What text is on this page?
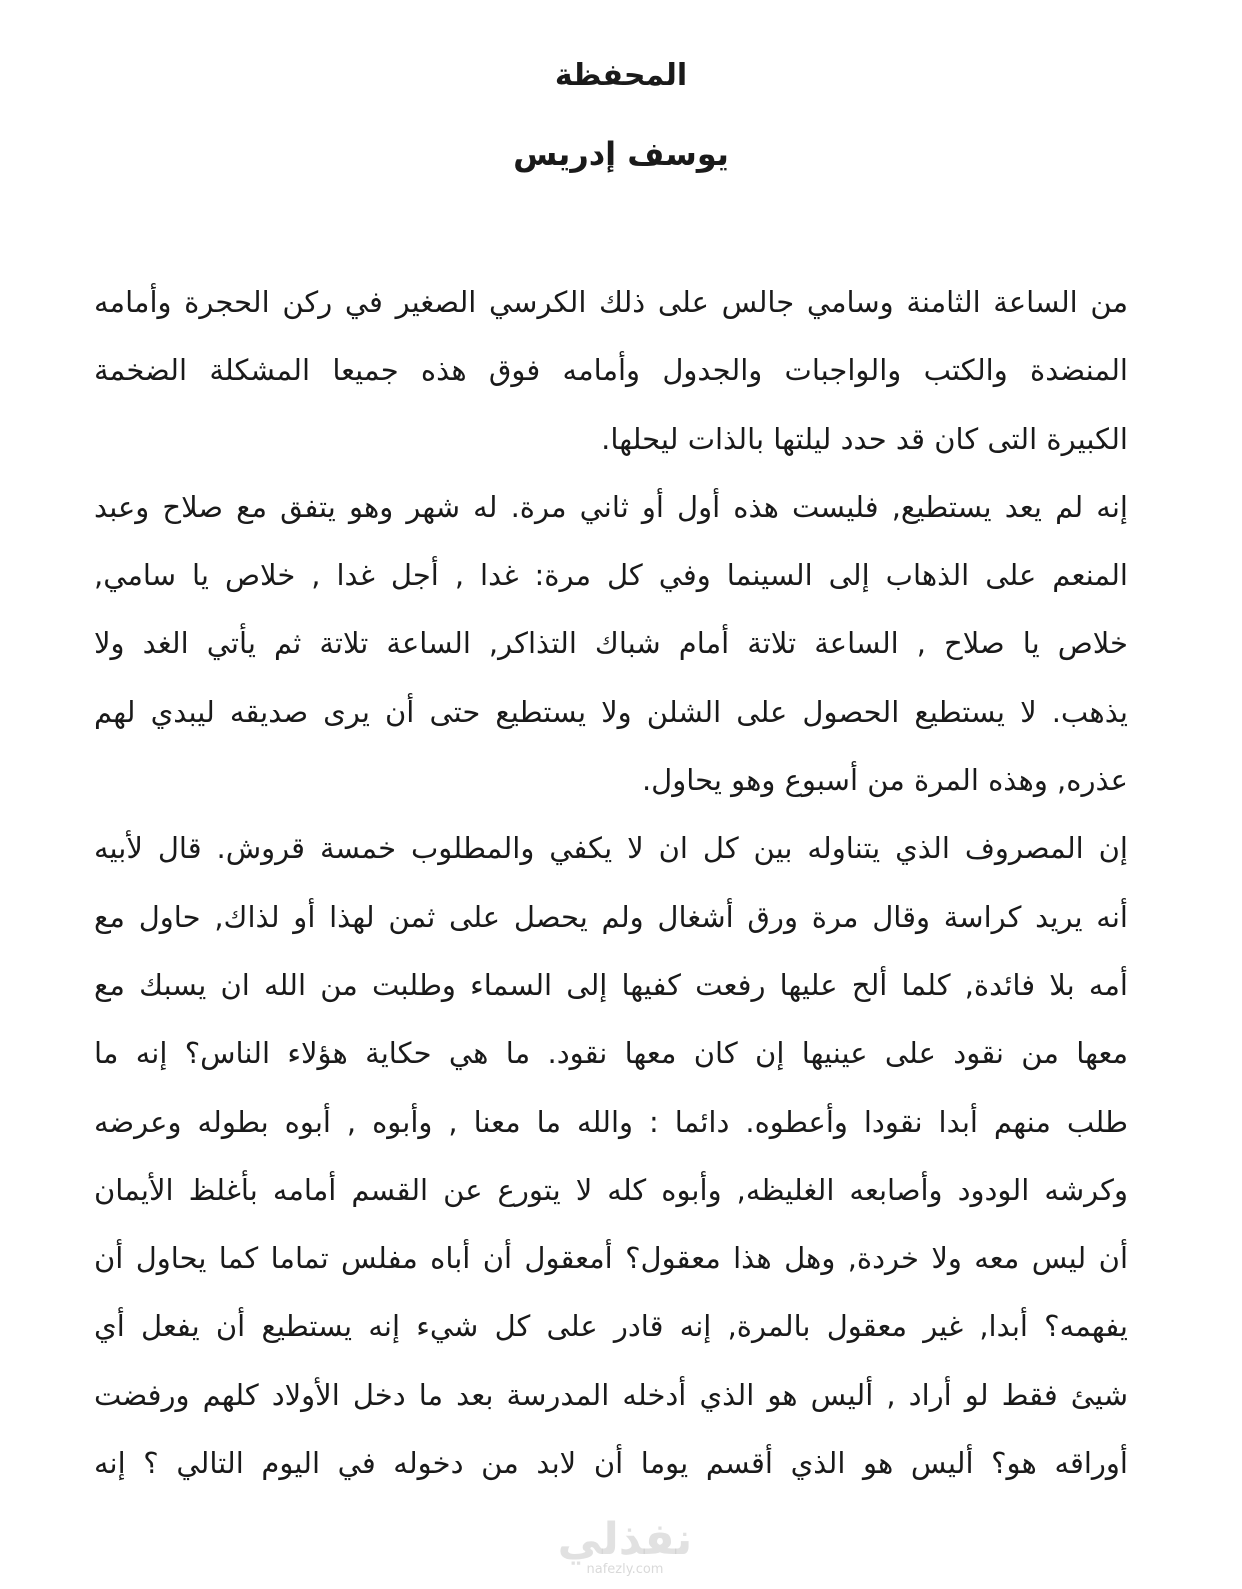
المحفظة
يوسف إدريس
من الساعة الثامنة وسامي جالس على ذلك الكرسي الصغير في ركن الحجرة وأمامه
المنضدة والكتب والواجبات والجدول وأمامه فوق هذه جميعا المشكلة الضخمة
الكبيرة التى كان قد حدد ليلتها بالذات ليحلها.
إنه لم يعد يستطيع, فليست هذه أول أو ثاني مرة. له شهر وهو يتفق مع صلاح وعبد
المنعم على الذهاب إلى السينما وفي كل مرة: غدا , أجل غدا , خلاص يا سامي,
خلاص يا صلاح , الساعة تلاتة أمام شباك التذاكر, الساعة تلاتة ثم يأتي الغد ولا
يذهب. لا يستطيع الحصول على الشلن ولا يستطيع حتى أن يرى صديقه ليبدي لهم
عذره, وهذه المرة من أسبوع وهو يحاول.
إن المصروف الذي يتناوله بين كل ان لا يكفي والمطلوب خمسة قروش. قال لأبيه
أنه يريد كراسة وقال مرة ورق أشغال ولم يحصل على ثمن لهذا أو لذاك, حاول مع
أمه بلا فائدة, كلما ألح عليها رفعت كفيها إلى السماء وطلبت من الله ان يسبك مع
معها من نقود على عينيها إن كان معها نقود. ما هي حكاية هؤلاء الناس؟ إنه ما
طلب منهم أبدا نقودا وأعطوه. دائما : والله ما معنا , وأبوه , أبوه بطوله وعرضه
وكرشه الودود وأصابعه الغليظه, وأبوه كله لا يتورع عن القسم أمامه بأغلظ الأيمان
أن ليس معه ولا خردة, وهل هذا معقول؟ أمعقول أن أباه مفلس تماما كما يحاول أن
يفهمه؟ أبدا, غير معقول بالمرة, إنه قادر على كل شيء إنه يستطيع أن يفعل أي
شيئ فقط لو أراد , أليس هو الذي أدخله المدرسة بعد ما دخل الأولاد كلهم ورفضت
أوراقه هو؟ أليس هو الذي أقسم يوما أن لابد من دخوله في اليوم التالي ؟ إنه
نفذلي
nafezly.com
